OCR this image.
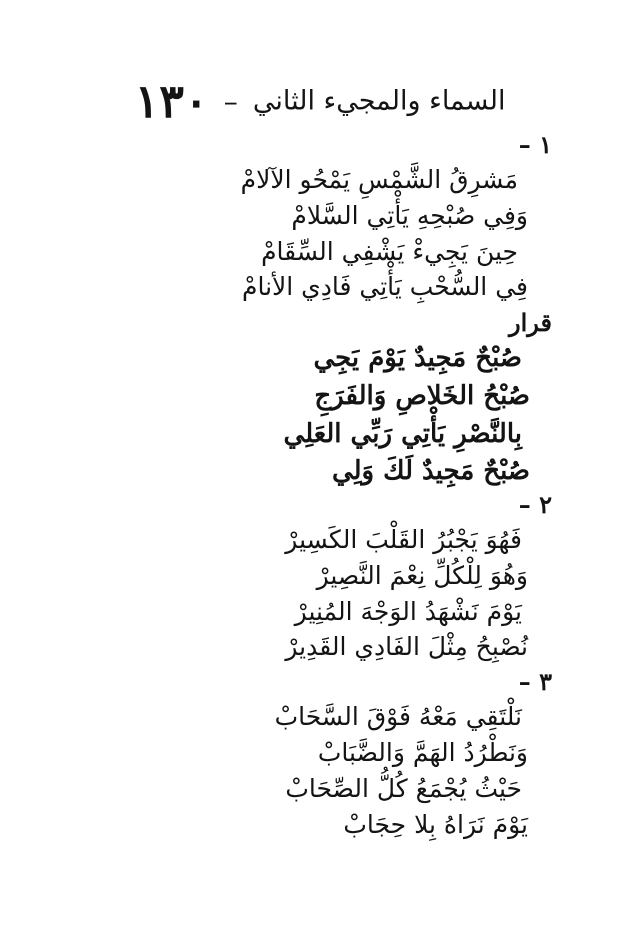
السماء والمجيء الثاني – ١٣٠
١ –
مَشرِقُ الشَّمْسِ يَمْحُو الآلامْ
وَفِي صُبْحِهِ يَأْتِي السَّلامْ
حِينَ يَجِيءْ يَشْفِي السِّقَامْ
فِي السُّحْبِ يَأْتِي فَادِي الأنامْ
قرار
صُبْحٌ مَجِيدٌ يَوْمَ يَجِي
صُبْحُ الخَلاصِ وَالفَرَجِ
بِالنَّصْرِ يَأْتِي رَبِّي العَلِي
صُبْحٌ مَجِيدٌ لَكَ وَلِي
٢ –
فَهُوَ يَجْبُرُ القَلْبَ الكَسِيرْ
وَهُوَ لِلْكُلِّ نِعْمَ النَّصِيرْ
يَوْمَ نَشْهَدُ الوَجْهَ المُنِيرْ
نُصْبِحُ مِثْلَ الفَادِي القَدِيرْ
٣ –
نَلْتَقِي مَعْهُ فَوْقَ السَّحَابْ
وَنَطْرُدُ الهَمَّ وَالضَّبَابْ
حَيْثُ يُجْمَعُ كُلُّ الصِّحَابْ
يَوْمَ نَرَاهُ بِلا حِجَابْ
